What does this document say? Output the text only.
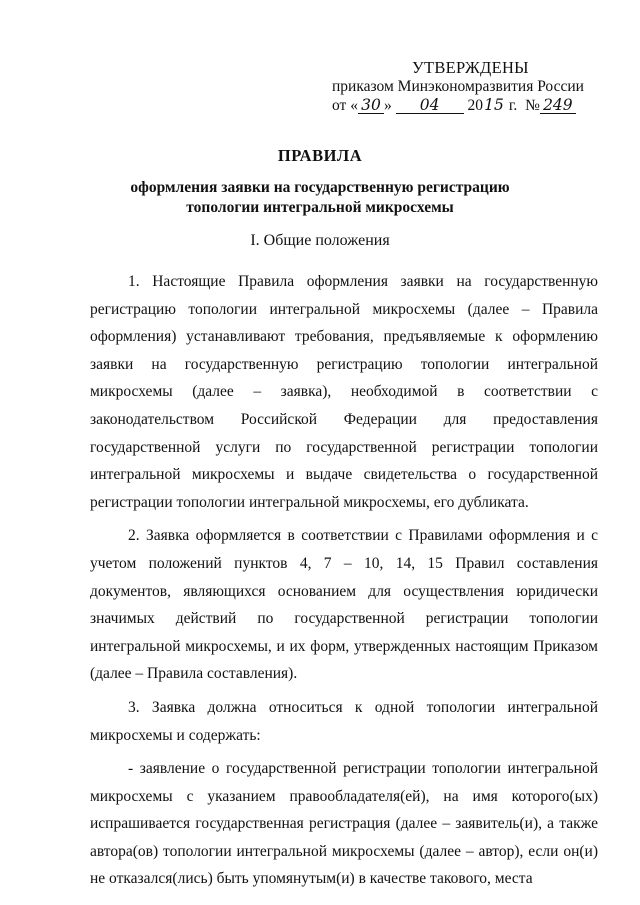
УТВЕРЖДЕНЫ
приказом Минэкономразвития России
от « 30 » 04 2015 г. № 249
ПРАВИЛА
оформления заявки на государственную регистрацию
топологии интегральной микросхемы
I. Общие положения

1. Настоящие Правила оформления заявки на государственную регистрацию топологии интегральной микросхемы (далее – Правила оформления) устанавливают требования, предъявляемые к оформлению заявки на государственную регистрацию топологии интегральной микросхемы (далее – заявка), необходимой в соответствии с законодательством Российской Федерации для предоставления государственной услуги по государственной регистрации топологии интегральной микросхемы и выдаче свидетельства о государственной регистрации топологии интегральной микросхемы, его дубликата.

2. Заявка оформляется в соответствии с Правилами оформления и с учетом положений пунктов 4, 7 – 10, 14, 15 Правил составления документов, являющихся основанием для осуществления юридически значимых действий по государственной регистрации топологии интегральной микросхемы, и их форм, утвержденных настоящим Приказом (далее – Правила составления).

3. Заявка должна относиться к одной топологии интегральной микросхемы и содержать:

- заявление о государственной регистрации топологии интегральной микросхемы с указанием правообладателя(ей), на имя которого(ых) испрашивается государственная регистрация (далее – заявитель(и), а также автора(ов) топологии интегральной микросхемы (далее – автор), если он(и) не отказался(лись) быть упомянутым(и) в качестве такового, места
